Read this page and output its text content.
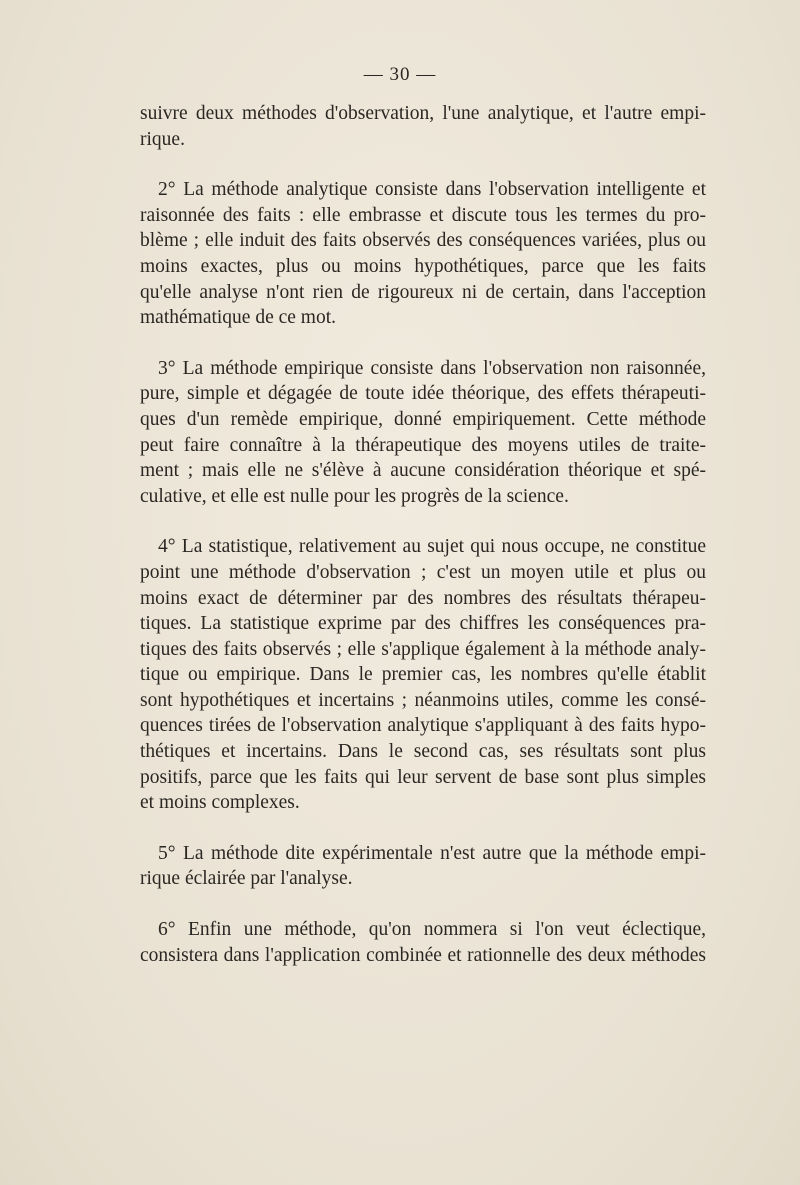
— 30 —
suivre deux méthodes d'observation, l'une analytique, et l'autre empi-
rique.
2° La méthode analytique consiste dans l'observation intelligente et
raisonnée des faits : elle embrasse et discute tous les termes du pro-
blème ; elle induit des faits observés des conséquences variées, plus ou
moins exactes, plus ou moins hypothétiques, parce que les faits
qu'elle analyse n'ont rien de rigoureux ni de certain, dans l'acception
mathématique de ce mot.
3° La méthode empirique consiste dans l'observation non raisonnée,
pure, simple et dégagée de toute idée théorique, des effets thérapeuti-
ques d'un remède empirique, donné empiriquement. Cette méthode
peut faire connaître à la thérapeutique des moyens utiles de traite-
ment ; mais elle ne s'élève à aucune considération théorique et spé-
culative, et elle est nulle pour les progrès de la science.
4° La statistique, relativement au sujet qui nous occupe, ne constitue
point une méthode d'observation ; c'est un moyen utile et plus ou
moins exact de déterminer par des nombres des résultats thérapeu-
tiques. La statistique exprime par des chiffres les conséquences pra-
tiques des faits observés ; elle s'applique également à la méthode analy-
tique ou empirique. Dans le premier cas, les nombres qu'elle établit
sont hypothétiques et incertains ; néanmoins utiles, comme les consé-
quences tirées de l'observation analytique s'appliquant à des faits hypo-
thétiques et incertains. Dans le second cas, ses résultats sont plus
positifs, parce que les faits qui leur servent de base sont plus simples
et moins complexes.
5° La méthode dite expérimentale n'est autre que la méthode empi-
rique éclairée par l'analyse.
6° Enfin une méthode, qu'on nommera si l'on veut éclectique,
consistera dans l'application combinée et rationnelle des deux méthodes
